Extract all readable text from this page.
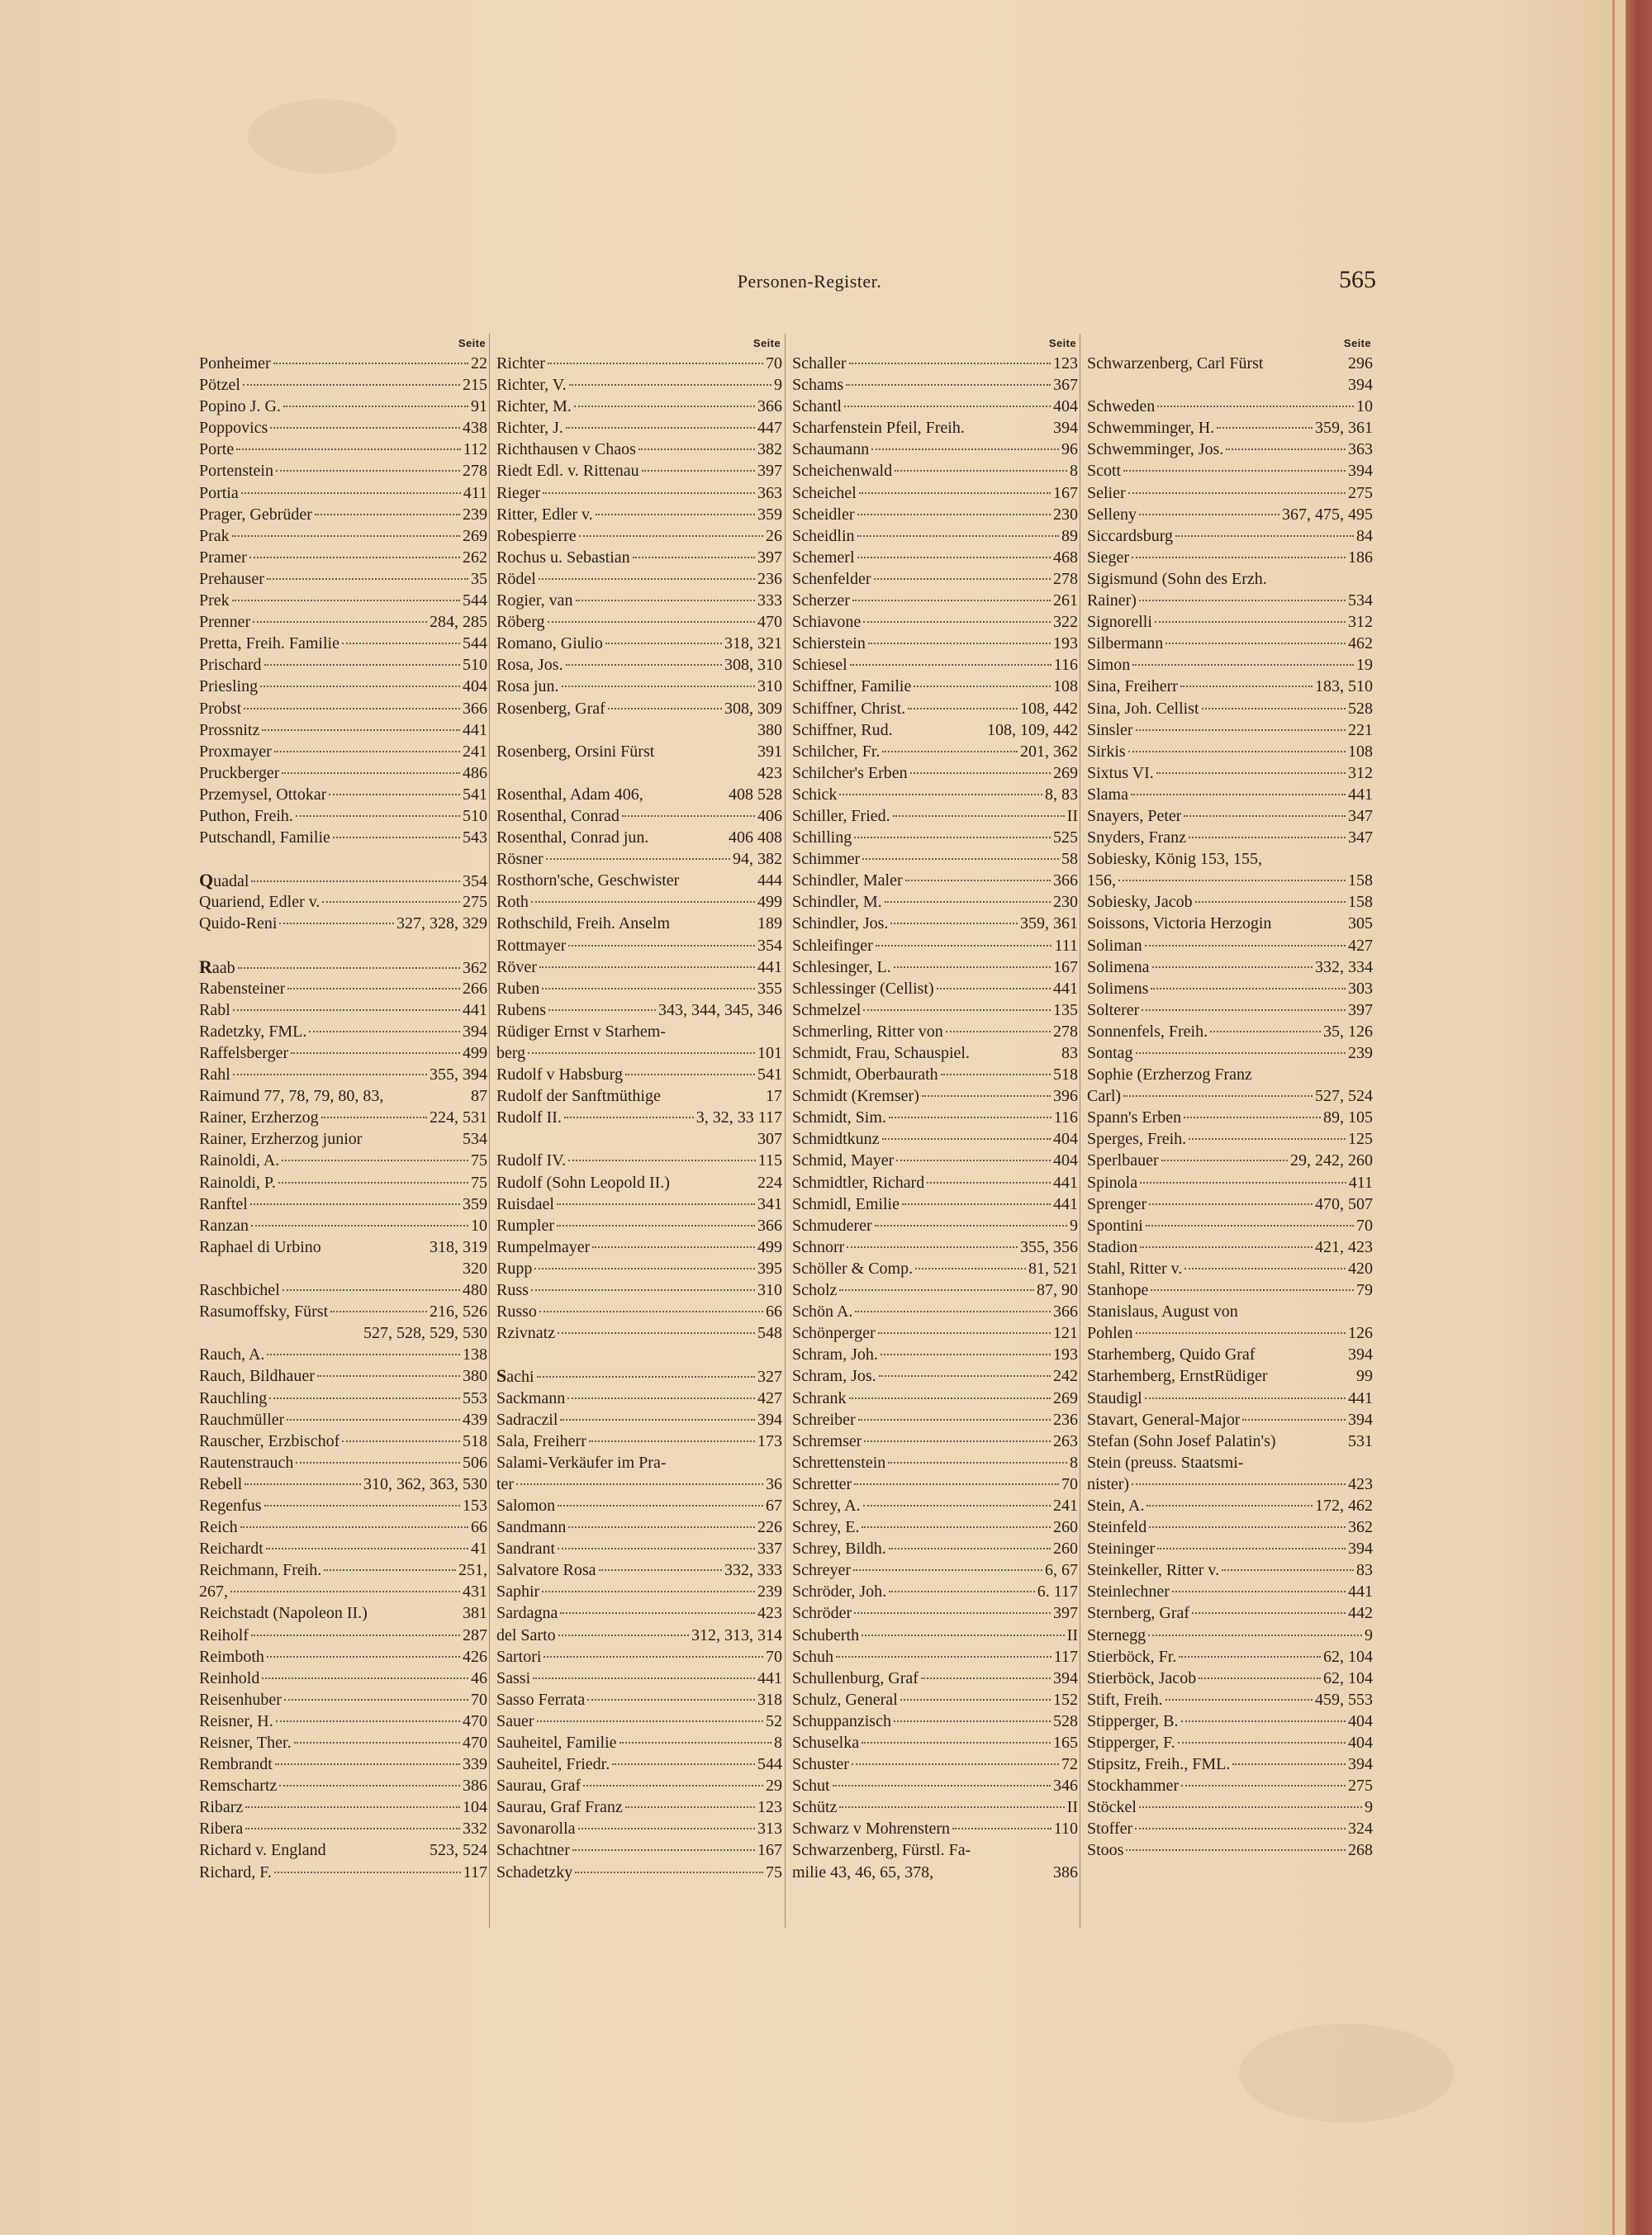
Personen-Register.	565
Seite
Ponheimer	22
Pötzel	215
Popino J. G.	91
Poppovics	438
Porte	112
Portenstein	278
Portia	411
Prager, Gebrüder	239
Prak	269
Pramer	262
Prehauser	35
Prek	544
Prenner	284, 285
Pretta, Freih. Familie	544
Prischard	510
Priesling	404
Probst	366
Prossnitz	441
Proxmayer	241
Pruckberger	486
Przemysel, Ottokar	541
Puthon, Freih.	510
Putschandl, Familie	543
Quadal	354
Quariend, Edler v.	275
Quido-Reni	327, 328, 329
Raab	362
Rabensteiner	266
Rabl	441
Radetzky, FML.	394
Raffelsberger	499
Rahl	355, 394
Raimund 77, 78, 79, 80, 83,	87
Rainer, Erzherzog	224, 531
Rainer, Erzherzog junior	534
Rainoldi, A.	75
Rainoldi, P.	75
Ranftel	359
Ranzan	10
Raphael di Urbino	318, 319
320
Raschbichel	480
Rasumoffsky, Fürst	216, 526
527, 528, 529, 530
Rauch, A.	138
Rauch, Bildhauer	380
Rauchling	553
Rauchmüller	439
Rauscher, Erzbischof	518
Rautenstrauch	506
Rebell	310, 362, 363, 530
Regenfus	153
Reich	66
Reichardt	41
Reichmann, Freih.	251,
267,	431
Reichstadt (Napoleon II.)	381
Reiholf	287
Reimboth	426
Reinhold	46
Reisenhuber	70
Reisner, H.	470
Reisner, Ther.	470
Rembrandt	339
Remschartz	386
Ribarz	104
Ribera	332
Richard v. England	523, 524
Richard, F.	117
Seite
Richter	70
Richter, V.	9
Richter, M.	366
Richter, J.	447
Richthausen v Chaos	382
Riedt Edl. v. Rittenau	397
Rieger	363
Ritter, Edler v.	359
Robespierre	26
Rochus u. Sebastian	397
Rödel	236
Rogier, van	333
Röberg	470
Romano, Giulio	318, 321
Rosa, Jos.	308, 310
Rosa jun.	310
Rosenberg, Graf	308, 309
380
Rosenberg, Orsini Fürst	391
423
Rosenthal, Adam 406,	408 528
Rosenthal, Conrad	406
Rosenthal, Conrad jun.	406 408
Rösner	94, 382
Rosthorn'sche, Geschwister	444
Roth	499
Rothschild, Freih. Anselm	189
Rottmayer	354
Röver	441
Ruben	355
Rubens	343, 344, 345, 346
Rüdiger Ernst v Starhem-
berg	101
Rudolf v Habsburg	541
Rudolf der Sanftmüthige	17
Rudolf II.	3, 32, 33 117
307
Rudolf IV.	115
Rudolf (Sohn Leopold II.)	224
Ruisdael	341
Rumpler	366
Rumpelmayer	499
Rupp	395
Russ	310
Russo	66
Rzivnatz	548
Sachi	327
Sackmann	427
Sadraczil	394
Sala, Freiherr	173
Salami-Verkäufer im Pra-
ter	36
Salomon	67
Sandmann	226
Sandrant	337
Salvatore Rosa	332, 333
Saphir	239
Sardagna	423
del Sarto	312, 313, 314
Sartori	70
Sassi	441
Sasso Ferrata	318
Sauer	52
Sauheitel, Familie	8
Sauheitel, Friedr.	544
Saurau, Graf	29
Saurau, Graf Franz	123
Savonarolla	313
Schachtner	167
Schadetzky	75
Seite
Schaller	123
Schams	367
Schantl	404
Scharfenstein Pfeil, Freih.	394
Schaumann	96
Scheichenwald	8
Scheichel	167
Scheidler	230
Scheidlin	89
Schemerl	468
Schenfelder	278
Scherzer	261
Schiavone	322
Schierstein	193
Schiesel	116
Schiffner, Familie	108
Schiffner, Christ.	108, 442
Schiffner, Rud.	108, 109, 442
Schilcher, Fr.	201, 362
Schilcher's Erben	269
Schick	8, 83
Schiller, Fried.	II
Schilling	525
Schimmer	58
Schindler, Maler	366
Schindler, M.	230
Schindler, Jos.	359, 361
Schleifinger	111
Schlesinger, L.	167
Schlessinger (Cellist)	441
Schmelzel	135
Schmerling, Ritter von	278
Schmidt, Frau, Schauspiel.	83
Schmidt, Oberbaurath	518
Schmidt (Kremser)	396
Schmidt, Sim.	116
Schmidtkunz	404
Schmid, Mayer	404
Schmidtler, Richard	441
Schmidl, Emilie	441
Schmuderer	9
Schnorr	355, 356
Schöller & Comp.	81, 521
Scholz	87, 90
Schön A.	366
Schönperger	121
Schram, Joh.	193
Schram, Jos.	242
Schrank	269
Schreiber	236
Schremser	263
Schrettenstein	8
Schretter	70
Schrey, A.	241
Schrey, E.	260
Schrey, Bildh.	260
Schreyer	6, 67
Schröder, Joh.	6. 117
Schröder	397
Schuberth	II
Schuh	117
Schullenburg, Graf	394
Schulz, General	152
Schuppanzisch	528
Schuselka	165
Schuster	72
Schut	346
Schütz	II
Schwarz v Mohrenstern	110
Schwarzenberg, Fürstl. Fa-
milie 43, 46, 65, 378,	386
Seite
Schwarzenberg, Carl Fürst	296
394
Schweden	10
Schwemminger, H.	359, 361
Schwemminger, Jos.	363
Scott	394
Selier	275
Selleny	367, 475, 495
Siccardsburg	84
Sieger	186
Sigismund (Sohn des Erzh.
Rainer)	534
Signorelli	312
Silbermann	462
Simon	19
Sina, Freiherr	183, 510
Sina, Joh. Cellist	528
Sinsler	221
Sirkis	108
Sixtus VI.	312
Slama	441
Snayers, Peter	347
Snyders, Franz	347
Sobiesky, König 153, 155,
156,	158
Sobiesky, Jacob	158
Soissons, Victoria Herzogin	305
Soliman	427
Solimena	332, 334
Solimens	303
Solterer	397
Sonnenfels, Freih.	35, 126
Sontag	239
Sophie (Erzherzog Franz
Carl)	527, 524
Spann's Erben	89, 105
Sperges, Freih.	125
Sperlbauer	29, 242, 260
Spinola	411
Sprenger	470, 507
Spontini	70
Stadion	421, 423
Stahl, Ritter v.	420
Stanhope	79
Stanislaus, August von
Pohlen	126
Starhemberg, Quido Graf	394
Starhemberg, ErnstRüdiger	99
Staudigl	441
Stavart, General-Major	394
Stefan (Sohn Josef Palatin's)	531
Stein (preuss. Staatsmi-
nister)	423
Stein, A.	172, 462
Steinfeld	362
Steininger	394
Steinkeller, Ritter v.	83
Steinlechner	441
Sternberg, Graf	442
Sternegg	9
Stierböck, Fr.	62, 104
Stierböck, Jacob	62, 104
Stift, Freih.	459, 553
Stipperger, B.	404
Stipperger, F.	404
Stipsitz, Freih., FML.	394
Stockhammer	275
Stöckel	9
Stoffer	324
Stoos	268
